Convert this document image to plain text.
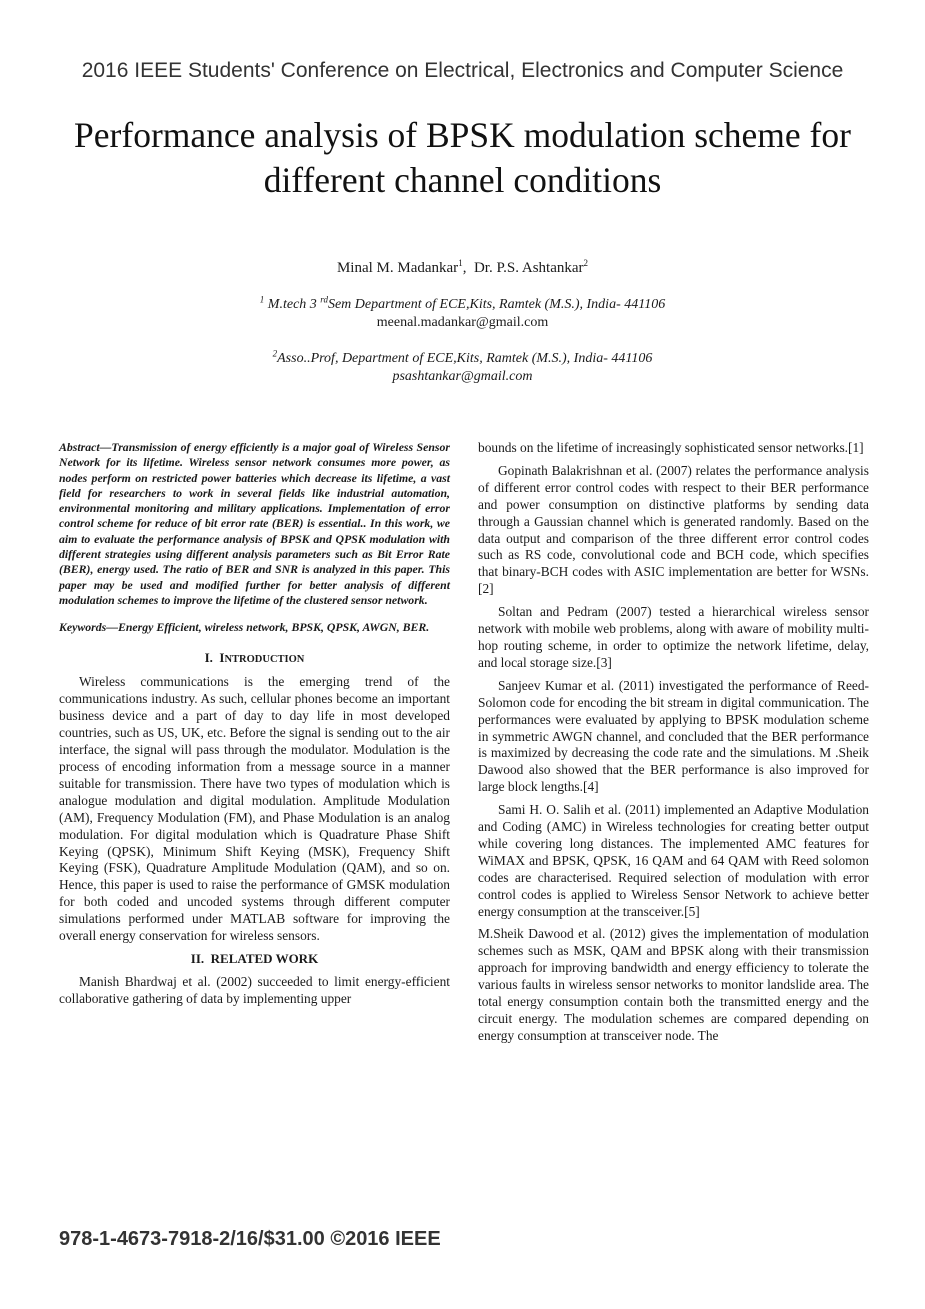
2016 IEEE Students' Conference on Electrical, Electronics and Computer Science
Performance analysis of BPSK modulation scheme for different channel conditions
Minal M. Madankar$^1$,  Dr. P.S. Ashtankar$^2$
$^1$ M.tech 3 $^{rd}$Sem Department of ECE,Kits, Ramtek (M.S.), India- 441106
meenal.madankar@gmail.com
$^2$Asso..Prof, Department of ECE,Kits, Ramtek (M.S.), India- 441106
psashtankar@gmail.com

Abstract—Transmission of energy efficiently is a major goal of Wireless Sensor Network for its lifetime. Wireless sensor network consumes more power, as nodes perform on restricted power batteries which decrease its lifetime, a vast field for researchers to work in several fields like industrial automation, environmental monitoring and military applications. Implementation of error control scheme for reduce of bit error rate (BER) is essential.. In this work, we aim to evaluate the performance analysis of BPSK and QPSK modulation with different strategies using different analysis parameters such as Bit Error Rate (BER), energy used. The ratio of BER and SNR is analyzed in this paper. This paper may be used and modified further for better analysis of different modulation schemes to improve the lifetime of the clustered sensor network.

Keywords—Energy Efficient, wireless network, BPSK, QPSK, AWGN, BER.

I. INTRODUCTION

Wireless communications is the emerging trend of the communications industry. As such, cellular phones become an important business device and a part of day to day life in most developed countries, such as US, UK, etc. Before the signal is sending out to the air interface, the signal will pass through the modulator. Modulation is the process of encoding information from a message source in a manner suitable for transmission. There have two types of modulation which is analogue modulation and digital modulation. Amplitude Modulation (AM), Frequency Modulation (FM), and Phase Modulation is an analog modulation. For digital modulation which is Quadrature Phase Shift Keying (QPSK), Minimum Shift Keying (MSK), Frequency Shift Keying (FSK), Quadrature Amplitude Modulation (QAM), and so on. Hence, this paper is used to raise the performance of GMSK modulation for both coded and uncoded systems through different computer simulations performed under MATLAB software for improving the overall energy conservation for wireless sensors.

II.  RELATED WORK

Manish Bhardwaj et al. (2002) succeeded to limit energy-efficient collaborative gathering of data by implementing upper

bounds on the lifetime of increasingly sophisticated sensor networks.[1]

Gopinath Balakrishnan et al. (2007) relates the performance analysis of different error control codes with respect to their BER performance and power consumption on distinctive platforms by sending data through a Gaussian channel which is generated randomly. Based on the data output and comparison of the three different error control codes such as RS code, convolutional code and BCH code, which specifies that binary-BCH codes with ASIC implementation are better for WSNs.[2]

Soltan and Pedram (2007) tested a hierarchical wireless sensor network with mobile web problems, along with aware of mobility multi-hop routing scheme, in order to optimize the network lifetime, delay, and local storage size.[3]

Sanjeev Kumar et al. (2011) investigated the performance of Reed-Solomon code for encoding the bit stream in digital communication. The performances were evaluated by applying to BPSK modulation scheme in symmetric AWGN channel, and concluded that the BER performance is maximized by decreasing the code rate and the simulations. M .Sheik Dawood also showed that the BER performance is also improved for large block lengths.[4]

Sami H. O. Salih et al. (2011) implemented an Adaptive Modulation and Coding (AMC) in Wireless technologies for creating better output while covering long distances. The implemented AMC features for WiMAX and BPSK, QPSK, 16 QAM and 64 QAM with Reed solomon codes are characterised. Required selection of modulation with error control codes is applied to Wireless Sensor Network to achieve better energy consumption at the transceiver.[5]

M.Sheik Dawood et al. (2012) gives the implementation of modulation schemes such as MSK, QAM and BPSK along with their transmission approach for improving bandwidth and energy efficiency to tolerate the various faults in wireless sensor networks to monitor landslide area. The total energy consumption contain both the transmitted energy and the circuit energy. The modulation schemes are compared depending on energy consumption at transceiver node. The

978-1-4673-7918-2/16/$31.00 ©2016 IEEE
